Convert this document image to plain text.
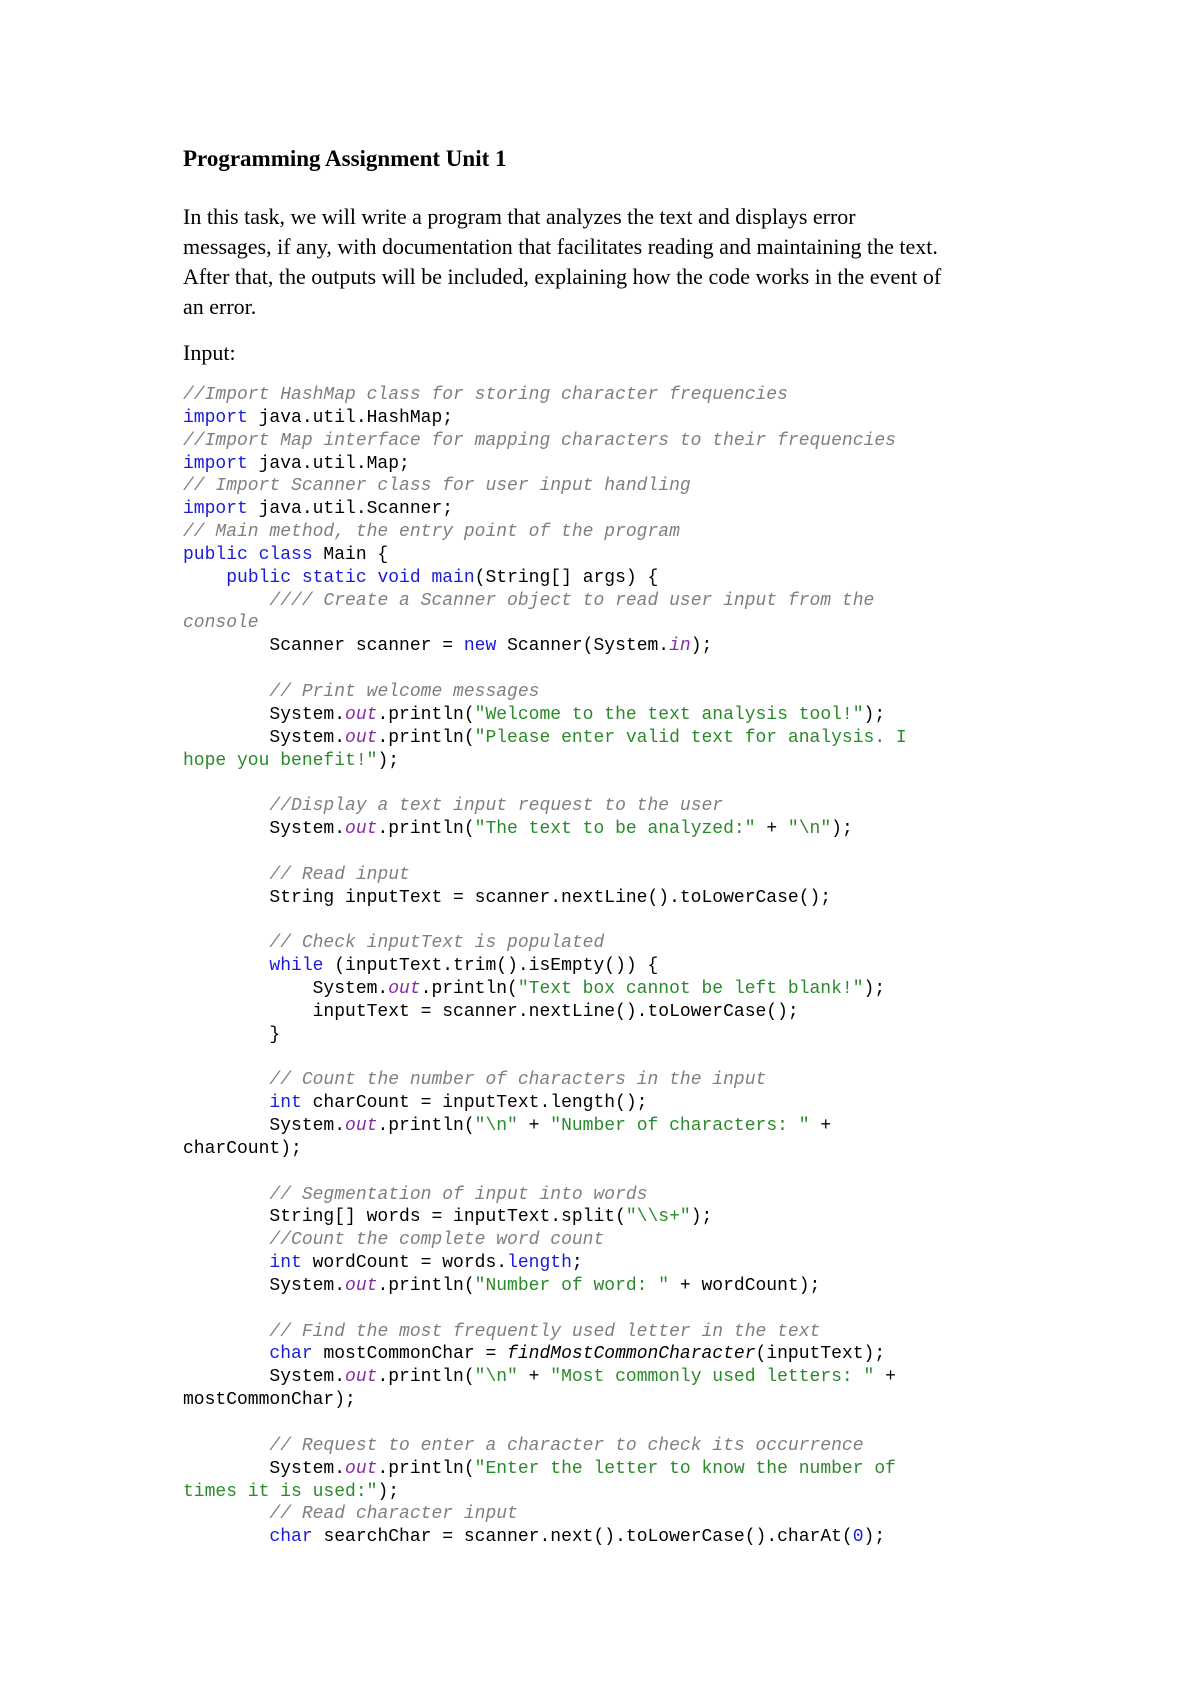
Programming Assignment Unit 1
In this task, we will write a program that analyzes the text and displays error
messages, if any, with documentation that facilitates reading and maintaining the text.
After that, the outputs will be included, explaining how the code works in the event of
an error.
Input:
//Import HashMap class for storing character frequencies
import java.util.HashMap;
//Import Map interface for mapping characters to their frequencies
import java.util.Map;
// Import Scanner class for user input handling
import java.util.Scanner;
// Main method, the entry point of the program
public class Main {
public static void main(String[] args) {
//// Create a Scanner object to read user input from the
console
Scanner scanner = new Scanner(System.in);
// Print welcome messages
System.out.println("Welcome to the text analysis tool!");
System.out.println("Please enter valid text for analysis. I
hope you benefit!");
//Display a text input request to the user
System.out.println("The text to be analyzed:" + "\n");
// Read input
String inputText = scanner.nextLine().toLowerCase();
// Check inputText is populated
while (inputText.trim().isEmpty()) {
System.out.println("Text box cannot be left blank!");
inputText = scanner.nextLine().toLowerCase();
}
// Count the number of characters in the input
int charCount = inputText.length();
System.out.println("\n" + "Number of characters: " +
charCount);
// Segmentation of input into words
String[] words = inputText.split("\\s+");
//Count the complete word count
int wordCount = words.length;
System.out.println("Number of word: " + wordCount);
// Find the most frequently used letter in the text
char mostCommonChar = findMostCommonCharacter(inputText);
System.out.println("\n" + "Most commonly used letters: " +
mostCommonChar);
// Request to enter a character to check its occurrence
System.out.println("Enter the letter to know the number of
times it is used:");
// Read character input
char searchChar = scanner.next().toLowerCase().charAt(0);
